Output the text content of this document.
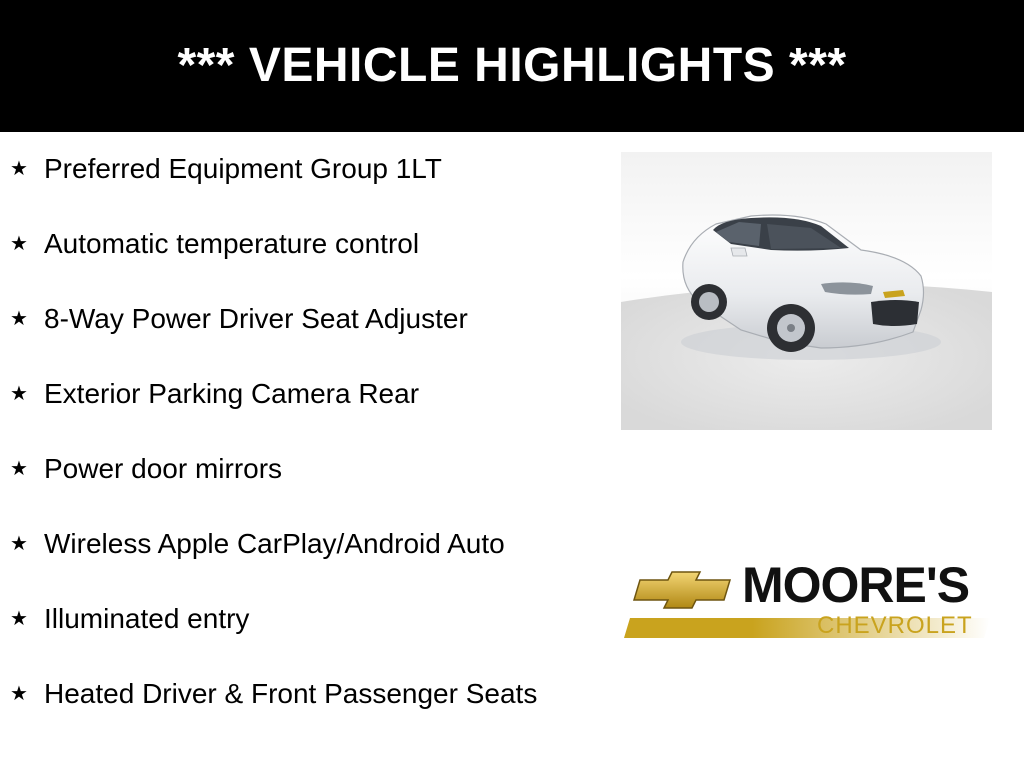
*** VEHICLE HIGHLIGHTS ***
★ Preferred Equipment Group 1LT
★ Automatic temperature control
★ 8-Way Power Driver Seat Adjuster
★ Exterior Parking Camera Rear
★ Power door mirrors
★ Wireless Apple CarPlay/Android Auto
★ Illuminated entry
★ Heated Driver & Front Passenger Seats
MOORE'S
CHEVROLET
